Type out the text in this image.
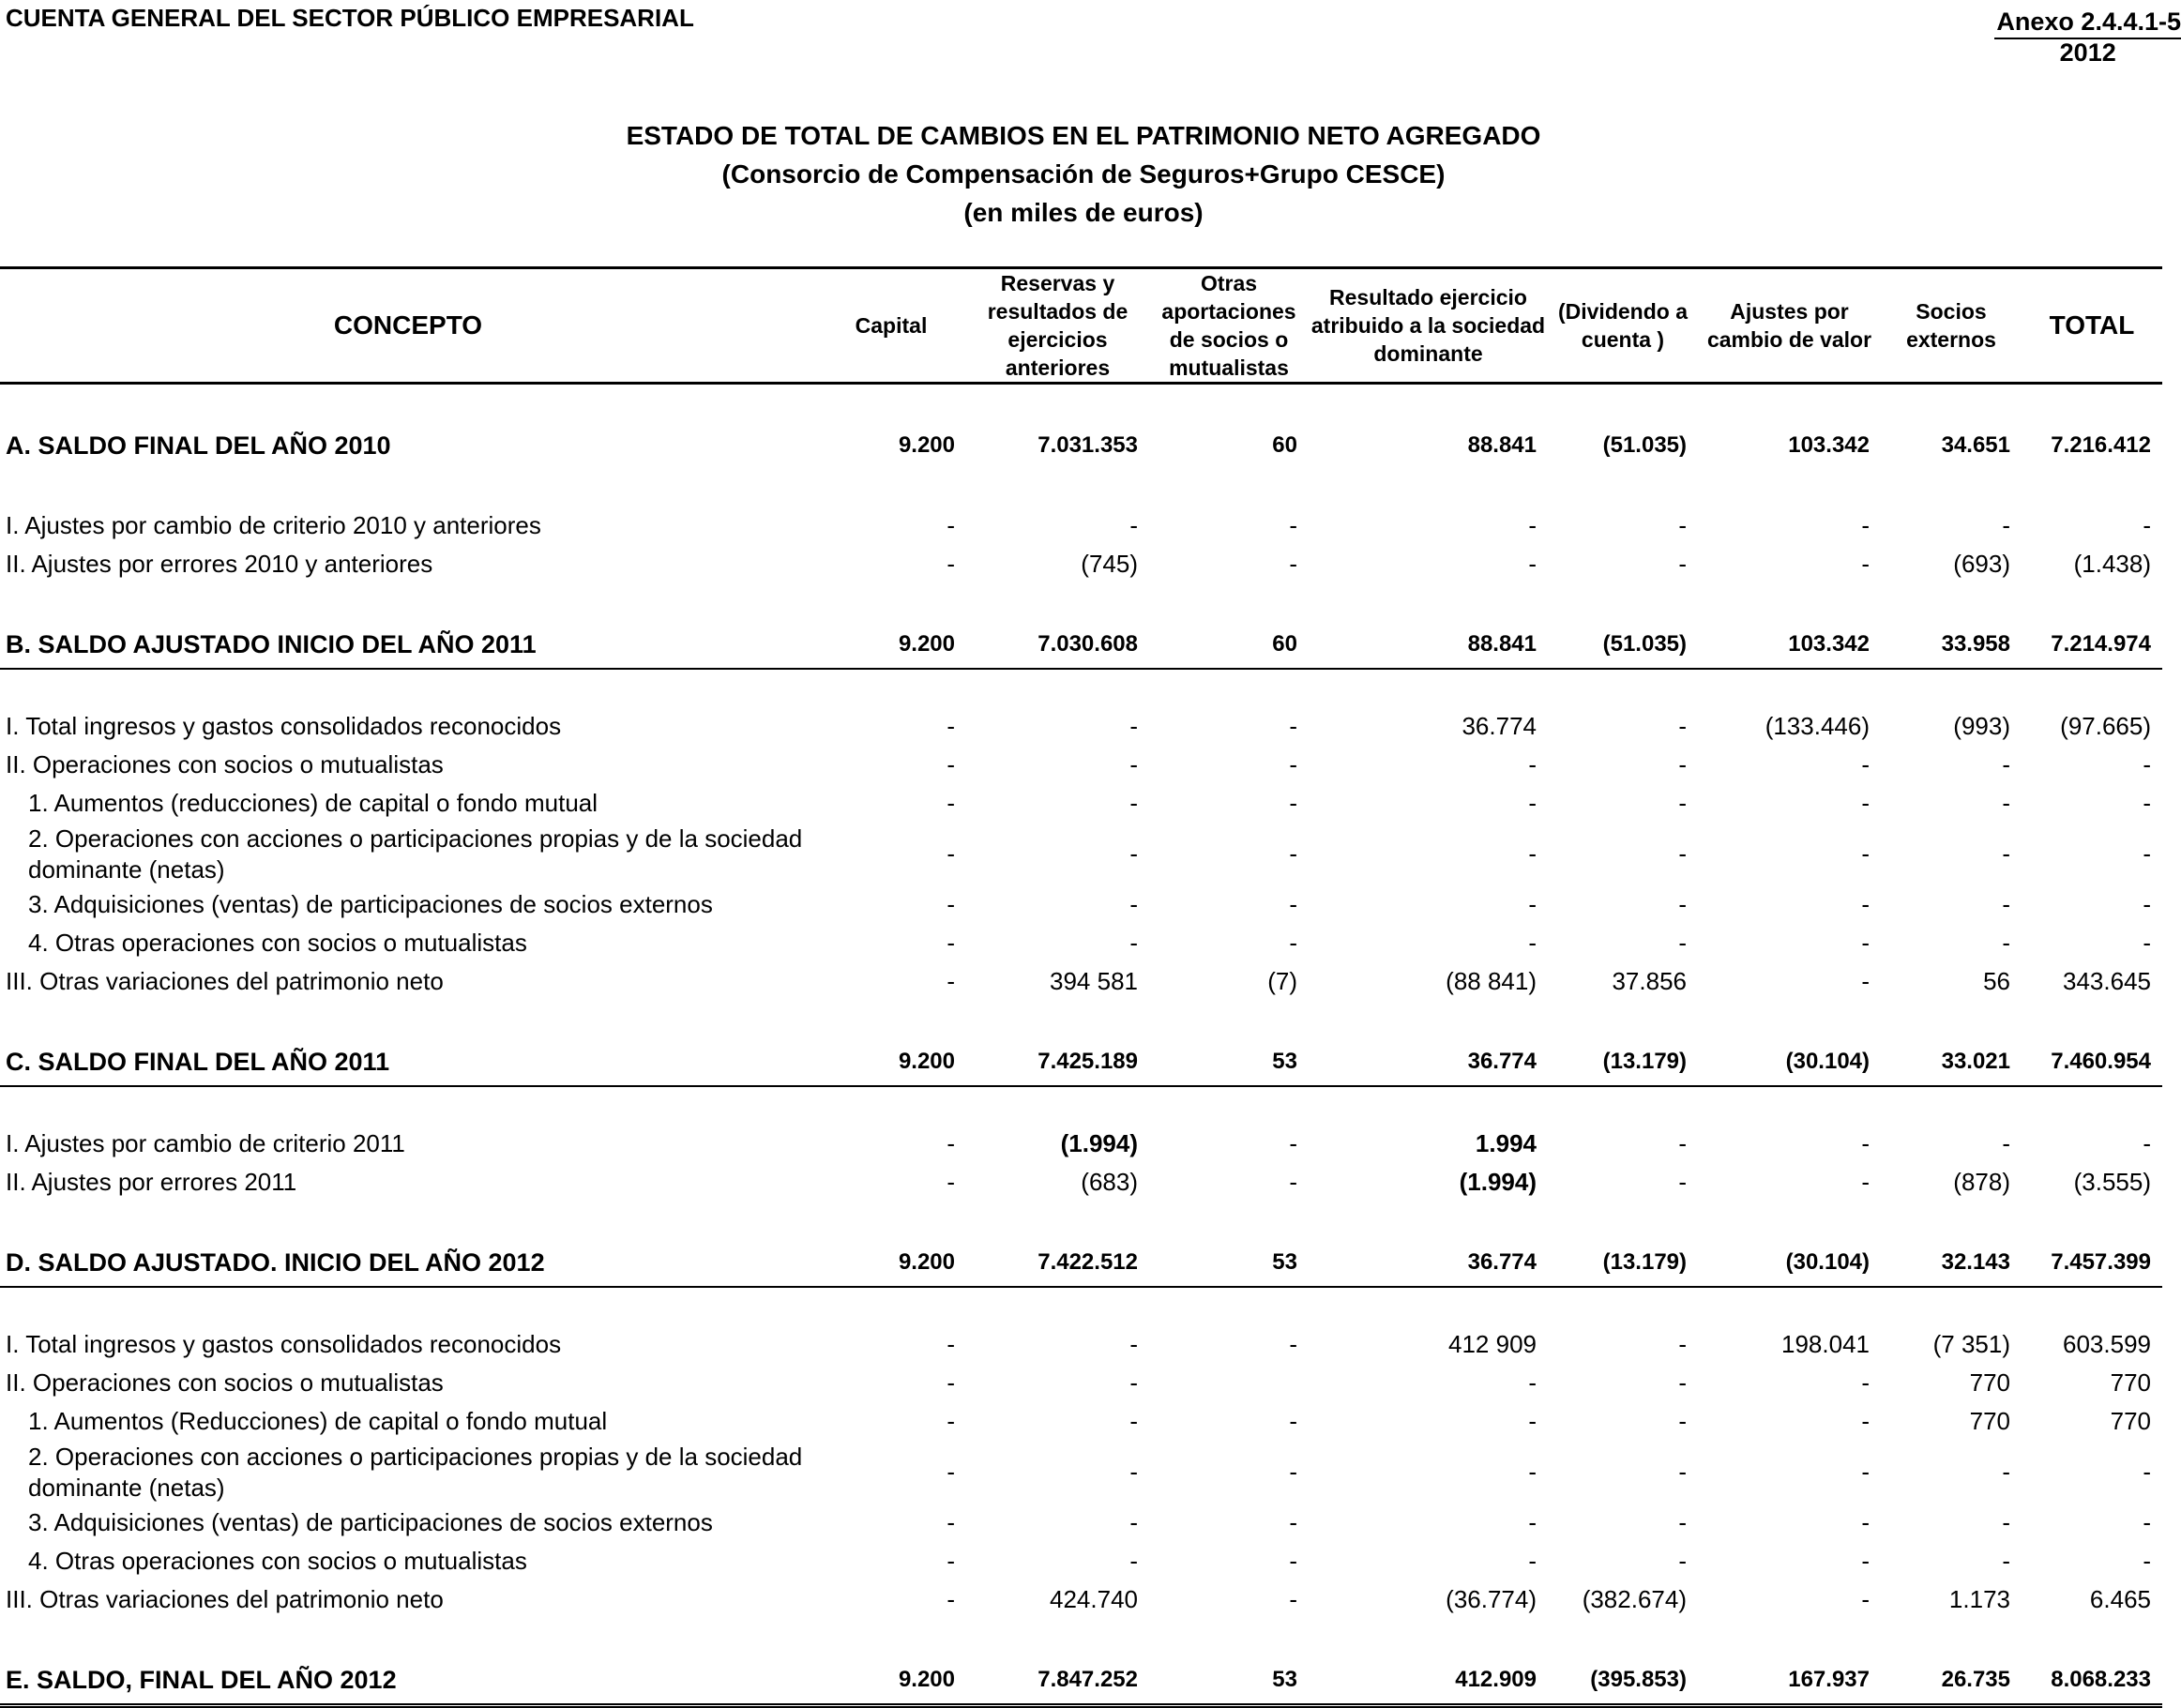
CUENTA GENERAL DEL SECTOR PÚBLICO EMPRESARIAL	Anexo 2.4.4.1-5
2012
ESTADO DE TOTAL DE CAMBIOS EN EL PATRIMONIO NETO AGREGADO
(Consorcio de Compensación de Seguros+Grupo CESCE)
(en miles de euros)
CONCEPTO	Capital	Reservas y resultados de ejercicios anteriores	Otras aportaciones de socios o mutualistas	Resultado ejercicio atribuido a la sociedad dominante	(Dividendo a cuenta )	Ajustes por cambio de valor	Socios externos	TOTAL

A. SALDO FINAL DEL AÑO 2010	9.200	7.031.353	60	88.841	(51.035)	103.342	34.651	7.216.412

I. Ajustes por cambio de criterio 2010 y anteriores	-	-	-	-	-	-	-	-
II. Ajustes por errores 2010 y anteriores	-	(745)	-	-	-	-	(693)	(1.438)

B. SALDO AJUSTADO INICIO DEL AÑO 2011	9.200	7.030.608	60	88.841	(51.035)	103.342	33.958	7.214.974

I. Total ingresos y gastos consolidados reconocidos	-	-	-	36.774	-	(133.446)	(993)	(97.665)
II. Operaciones con socios o mutualistas	-	-	-	-	-	-	-	-
1. Aumentos (reducciones) de capital o fondo mutual	-	-	-	-	-	-	-	-
2. Operaciones con acciones o participaciones propias y de la sociedad dominante (netas)	-	-	-	-	-	-	-	-
3. Adquisiciones (ventas) de participaciones de socios externos	-	-	-	-	-	-	-	-
4. Otras operaciones con socios o mutualistas	-	-	-	-	-	-	-	-
III. Otras variaciones del patrimonio neto	-	394 581	(7)	(88 841)	37.856	-	56	343.645

C. SALDO FINAL DEL AÑO 2011	9.200	7.425.189	53	36.774	(13.179)	(30.104)	33.021	7.460.954

I. Ajustes por cambio de criterio 2011	-	(1.994)	-	1.994	-	-	-	-
II. Ajustes por errores 2011	-	(683)	-	(1.994)	-	-	(878)	(3.555)

D. SALDO AJUSTADO. INICIO DEL AÑO 2012	9.200	7.422.512	53	36.774	(13.179)	(30.104)	32.143	7.457.399

I. Total ingresos y gastos consolidados reconocidos	-	-	-	412 909	-	198.041	(7 351)	603.599
II. Operaciones con socios o mutualistas	-	-		-	-	-	770	770
1. Aumentos (Reducciones) de capital o fondo mutual	-	-	-	-	-	-	770	770
2. Operaciones con acciones o participaciones propias y de la sociedad dominante (netas)	-	-	-	-	-	-	-	-
3. Adquisiciones (ventas) de participaciones de socios externos	-	-	-	-	-	-	-	-
4. Otras operaciones con socios o mutualistas	-	-	-	-	-	-	-	-
III. Otras variaciones del patrimonio neto	-	424.740	-	(36.774)	(382.674)	-	1.173	6.465

E. SALDO, FINAL DEL AÑO 2012	9.200	7.847.252	53	412.909	(395.853)	167.937	26.735	8.068.233
